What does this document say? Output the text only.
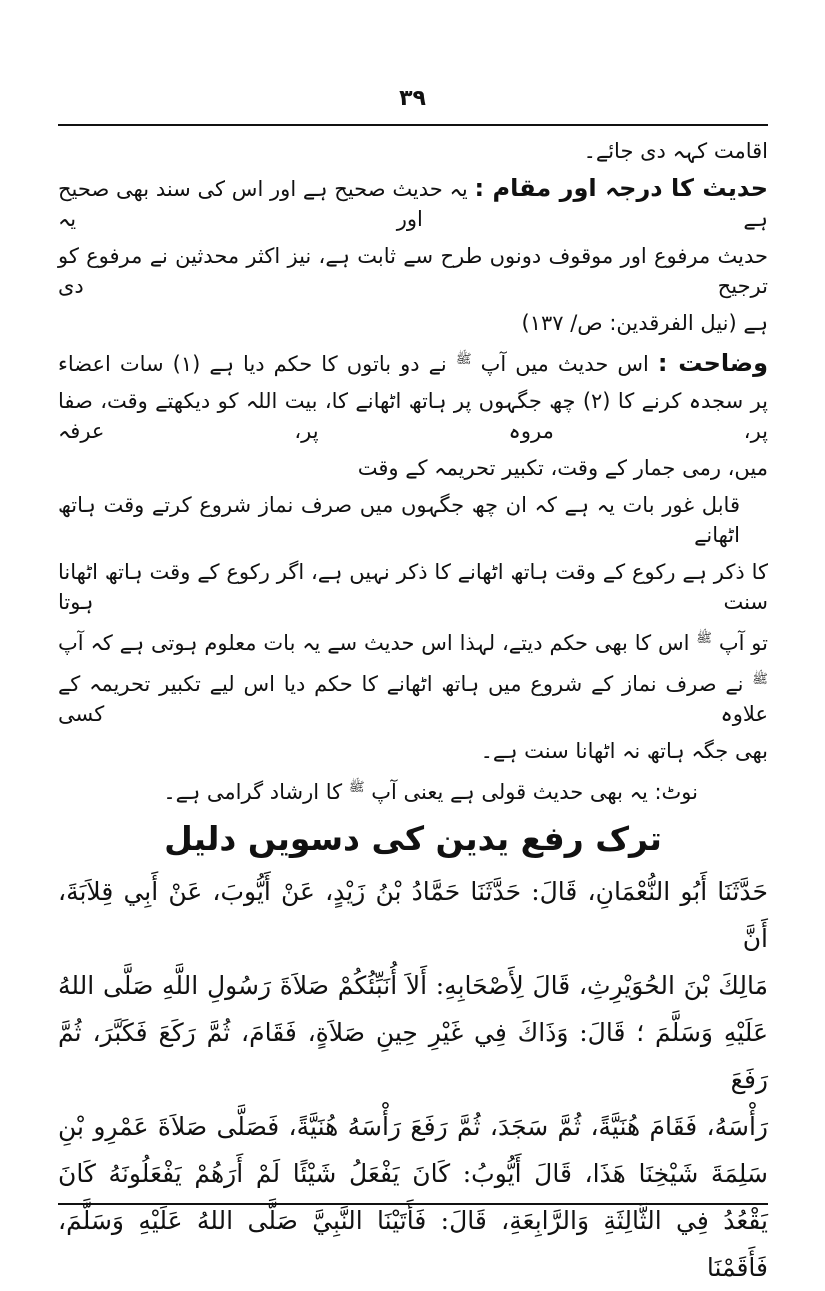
۳۹

اقامت کہہ دی جائے۔

حدیث کا درجہ اور مقام : یہ حدیث صحیح ہے اور اس کی سند بھی صحیح ہے اور یہ

حدیث مرفوع اور موقوف دونوں طرح سے ثابت ہے، نیز اکثر محدثین نے مرفوع کو ترجیح دی

ہے (نیل الفرقدین: ص/ ۱۳۷)

وضاحت : اس حدیث میں آپ $^ﷺ$ نے دو باتوں کا حکم دیا ہے (۱) سات اعضاء

پر سجدہ کرنے کا (۲) چھ جگہوں پر ہاتھ اٹھانے کا، بیت اللہ کو دیکھتے وقت، صفا پر، مروہ پر، عرفہ

میں، رمی جمار کے وقت، تکبیر تحریمہ کے وقت

قابل غور بات یہ ہے کہ ان چھ جگہوں میں صرف نماز شروع کرتے وقت ہاتھ اٹھانے

کا ذکر ہے رکوع کے وقت ہاتھ اٹھانے کا ذکر نہیں ہے، اگر رکوع کے وقت ہاتھ اٹھانا سنت ہوتا

تو آپ $^ﷺ$ اس کا بھی حکم دیتے، لہذا اس حدیث سے یہ بات معلوم ہوتی ہے کہ آپ

$^ﷺ$ نے صرف نماز کے شروع میں ہاتھ اٹھانے کا حکم دیا اس لیے تکبیر تحریمہ کے علاوہ کسی

بھی جگہ ہاتھ نہ اٹھانا سنت ہے۔

نوٹ: یہ بھی حدیث قولی ہے یعنی آپ $^ﷺ$ کا ارشاد گرامی ہے۔

ترک رفع یدین کی دسویں دلیل

حَدَّثَنَا أَبُو النُّعْمَانِ، قَالَ: حَدَّثَنَا حَمَّادُ بْنُ زَيْدٍ، عَنْ أَيُّوبَ، عَنْ أَبِي قِلاَبَةَ، أَنَّ

مَالِكَ بْنَ الحُوَيْرِثِ، قَالَ لِأَصْحَابِهِ: أَلاَ أُنَبِّئُكُمْ صَلاَةَ رَسُولِ اللَّهِ صَلَّى اللهُ

عَلَيْهِ وَسَلَّمَ ؛ قَالَ: وَذَاكَ فِي غَيْرِ حِينِ صَلاَةٍ، فَقَامَ، ثُمَّ رَكَعَ فَكَبَّرَ، ثُمَّ رَفَعَ

رَأْسَهُ، فَقَامَ هُنَيَّةً، ثُمَّ سَجَدَ، ثُمَّ رَفَعَ رَأْسَهُ هُنَيَّةً، فَصَلَّى صَلاَةَ عَمْرِو بْنِ

سَلِمَةَ شَيْخِنَا هَذَا، قَالَ أَيُّوبُ: كَانَ يَفْعَلُ شَيْئًا لَمْ أَرَهُمْ يَفْعَلُونَهُ كَانَ

يَقْعُدُ فِي الثَّالِثَةِ وَالرَّابِعَةِ، قَالَ: فَأَتَيْنَا النَّبِيَّ صَلَّى اللهُ عَلَيْهِ وَسَلَّمَ، فَأَقَمْنَا
